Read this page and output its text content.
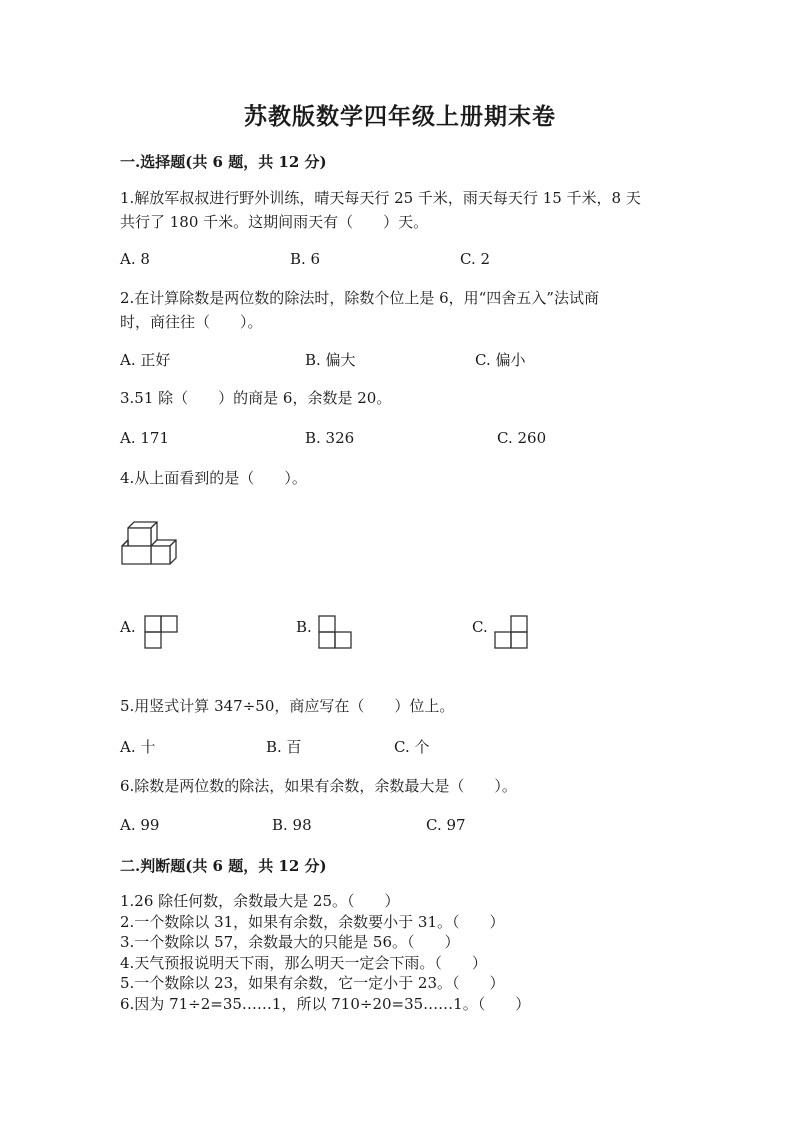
苏教版数学四年级上册期末卷
一.选择题(共 6 题，共 12 分)
1.解放军叔叔进行野外训练，晴天每天行 25 千米，雨天每天行 15 千米，8 天
共行了 180 千米。这期间雨天有（　　）天。
A. 8	B. 6	C. 2
2.在计算除数是两位数的除法时，除数个位上是 6，用“四舍五入”法试商
时，商往往（　　）。
A. 正好	B. 偏大	C. 偏小
3.51 除（　　）的商是 6，余数是 20。
A. 171	B. 326	C. 260
4.从上面看到的是（　　）。
A.	B.	C.
5.用竖式计算 347÷50，商应写在（　　）位上。
A. 十	B. 百	C. 个
6.除数是两位数的除法，如果有余数，余数最大是（　　）。
A. 99	B. 98	C. 97
二.判断题(共 6 题，共 12 分)
1.26 除任何数，余数最大是 25。（　　）
2.一个数除以 31，如果有余数，余数要小于 31。（　　）
3.一个数除以 57，余数最大的只能是 56。（　　）
4.天气预报说明天下雨，那么明天一定会下雨。（　　）
5.一个数除以 23，如果有余数，它一定小于 23。（　　）
6.因为 71÷2=35……1，所以 710÷20=35……1。（　　）
